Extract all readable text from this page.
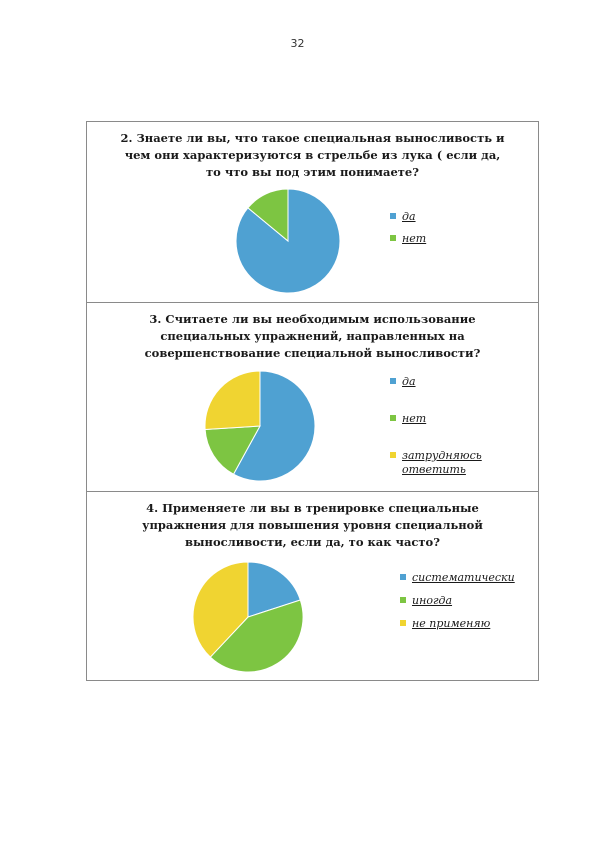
32

2. Знаете ли вы, что такое специальная выносливость и чем они характеризуются в стрельбе из лука ( если да, то что вы под этим понимаете?

да
нет

3. Считаете ли вы необходимым использование специальных упражнений, направленных на совершенствование специальной выносливости?

да
нет
затрудняюсь ответить

4. Применяете ли вы в тренировке специальные упражнения для повышения уровня специальной выносливости, если да, то как часто?

систематически
иногда
не применяю
